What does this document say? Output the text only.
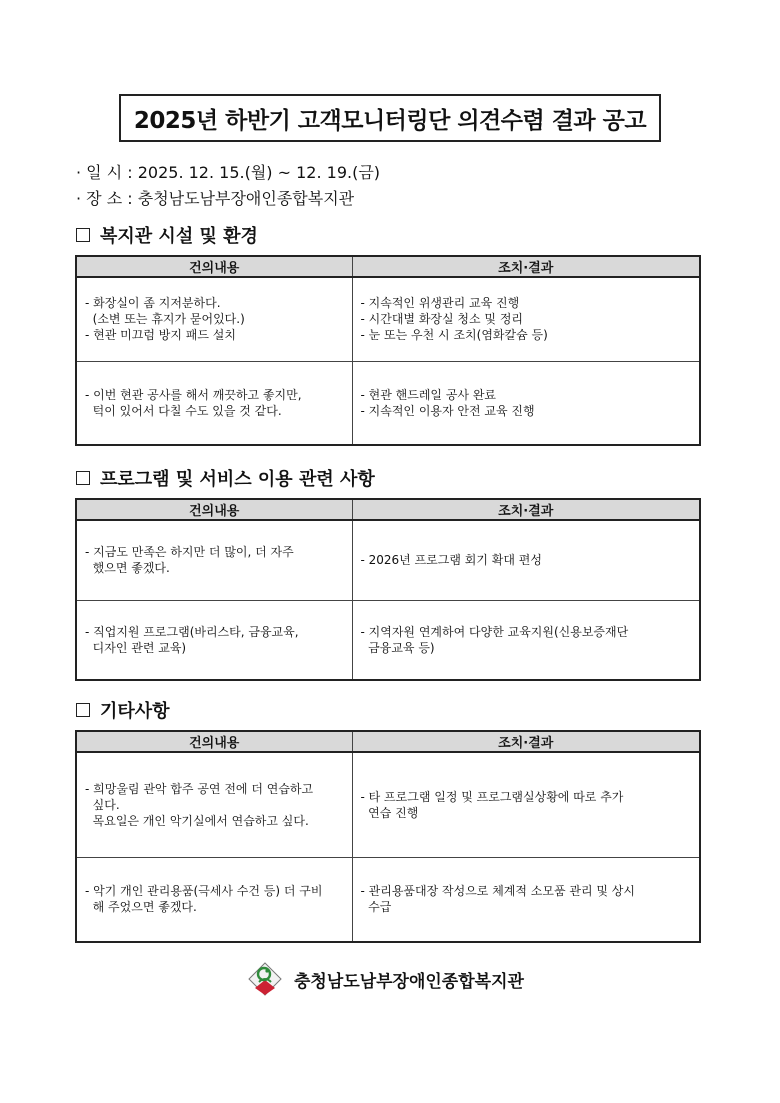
2025년 하반기 고객모니터링단 의견수렴 결과 공고
· 일 시 : 2025. 12. 15.(월) ~ 12. 19.(금)
· 장 소 : 충청남도남부장애인종합복지관
복지관 시설 및 환경
건의내용	조치·결과

- 화장실이 좀 지저분하다.
(소변 또는 휴지가 묻어있다.)
- 현관 미끄럼 방지 패드 설치	- 지속적인 위생관리 교육 진행
- 시간대별 화장실 청소 및 정리
- 눈 또는 우천 시 조치(염화칼슘 등)

- 이번 현관 공사를 해서 깨끗하고 좋지만,
턱이 있어서 다칠 수도 있을 것 같다.	- 현관 핸드레일 공사 완료
- 지속적인 이용자 안전 교육 진행
프로그램 및 서비스 이용 관련 사항
건의내용	조치·결과

- 지금도 만족은 하지만 더 많이, 더 자주
했으면 좋겠다.	- 2026년 프로그램 회기 확대 편성

- 직업지원 프로그램(바리스타, 금융교육,
디자인 관련 교육)	- 지역자원 연계하여 다양한 교육지원(신용보증재단
금융교육 등)
기타사항
건의내용	조치·결과

- 희망울림 관악 합주 공연 전에 더 연습하고
싶다.
목요일은 개인 악기실에서 연습하고 싶다.	- 타 프로그램 일정 및 프로그램실상황에 따로 추가
연습 진행

- 악기 개인 관리용품(극세사 수건 등) 더 구비
해 주었으면 좋겠다.	- 관리용품대장 작성으로 체계적 소모품 관리 및 상시
수급
충청남도남부장애인종합복지관
